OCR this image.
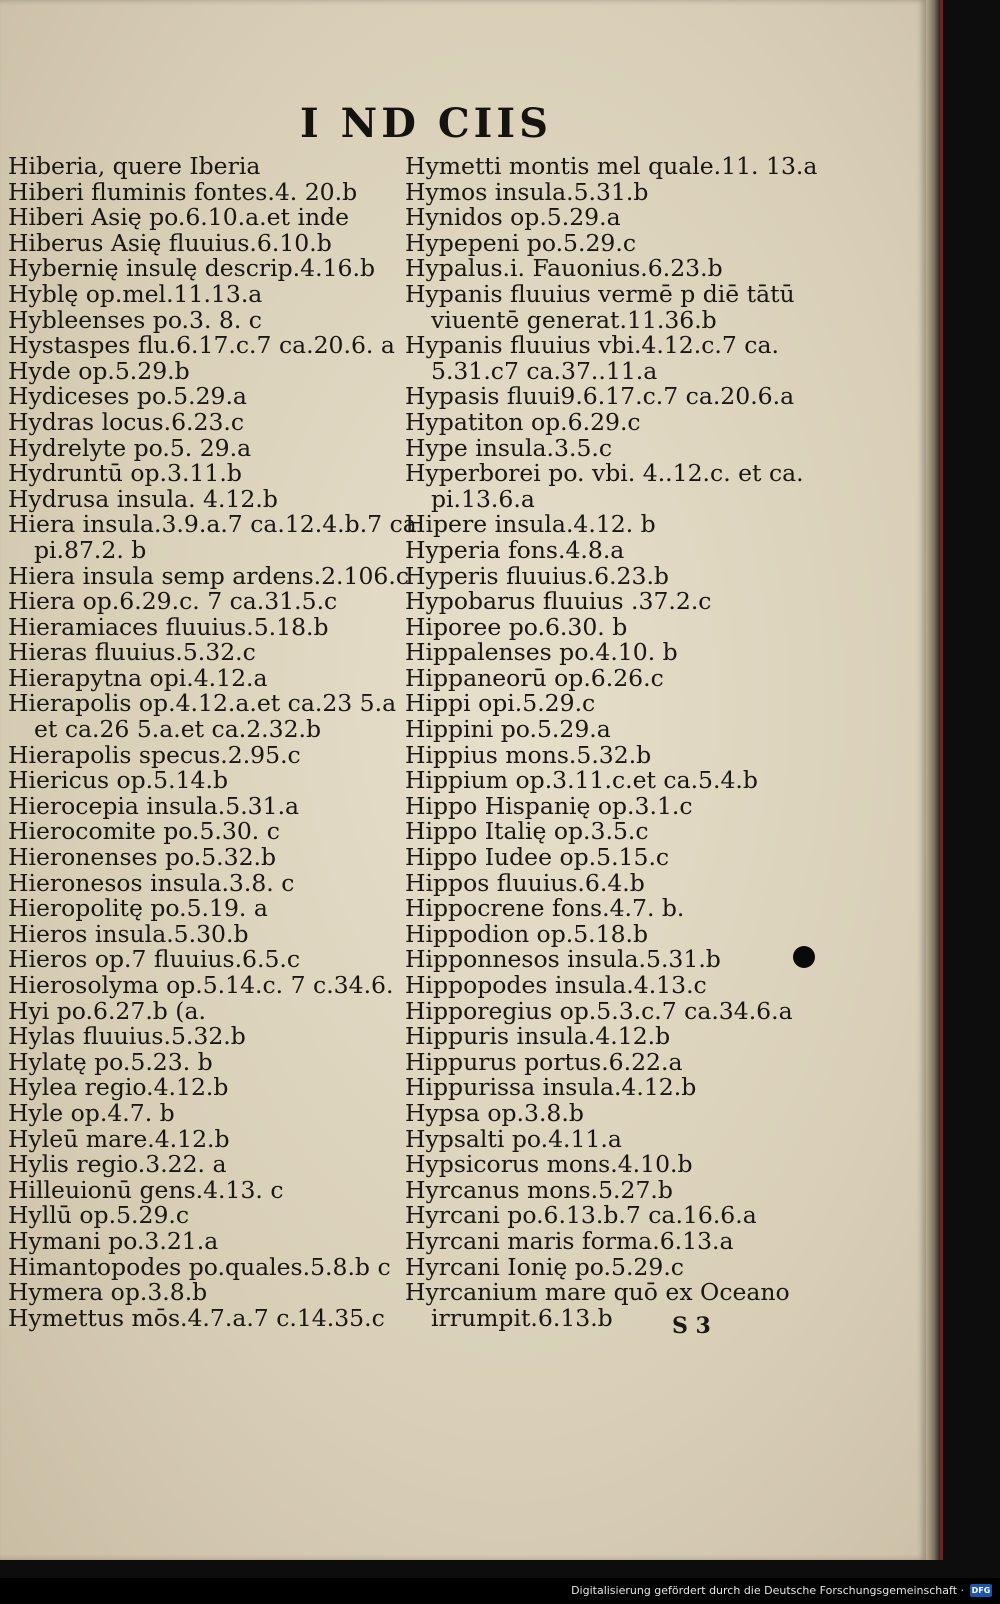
I ND CIIS
Hiberia, quere Iberia
Hiberi fluminis fontes.4. 20.b
Hiberi Asię po.6.10.a.et inde
Hiberus Asię fluuius.6.10.b
Hybernię insulę descrip.4.16.b
Hyblę op.mel.11.13.a
Hybleenses po.3. 8. c
Hystaspes flu.6.17.c.7 ca.20.6. a
Hyde op.5.29.b
Hydiceses po.5.29.a
Hydras locus.6.23.c
Hydrelyte po.5. 29.a
Hydruntū op.3.11.b
Hydrusa insula. 4.12.b
Hiera insula.3.9.a.7 ca.12.4.b.7 ca
pi.87.2. b
Hiera insula semp ardens.2.106.c
Hiera op.6.29.c. 7 ca.31.5.c
Hieramiaces fluuius.5.18.b
Hieras fluuius.5.32.c
Hierapytna opi.4.12.a
Hierapolis op.4.12.a.et ca.23 5.a
et ca.26 5.a.et ca.2.32.b
Hierapolis specus.2.95.c
Hiericus op.5.14.b
Hierocepia insula.5.31.a
Hierocomite po.5.30. c
Hieronenses po.5.32.b
Hieronesos insula.3.8. c
Hieropolitę po.5.19. a
Hieros insula.5.30.b
Hieros op.7 fluuius.6.5.c
Hierosolyma op.5.14.c. 7 c.34.6.
Hyi po.6.27.b (a.
Hylas fluuius.5.32.b
Hylatę po.5.23. b
Hylea regio.4.12.b
Hyle op.4.7. b
Hyleū mare.4.12.b
Hylis regio.3.22. a
Hilleuionū gens.4.13. c
Hyllū op.5.29.c
Hymani po.3.21.a
Himantopodes po.quales.5.8.b c
Hymera op.3.8.b
Hymettus mōs.4.7.a.7 c.14.35.c
Hymetti montis mel quale.11. 13.a
Hymos insula.5.31.b
Hynidos op.5.29.a
Hypepeni po.5.29.c
Hypalus.i. Fauonius.6.23.b
Hypanis fluuius vermē p diē tātū
viuentē generat.11.36.b
Hypanis fluuius vbi.4.12.c.7 ca.
5.31.c7 ca.37..11.a
Hypasis fluui9.6.17.c.7 ca.20.6.a
Hypatiton op.6.29.c
Hype insula.3.5.c
Hyperborei po. vbi. 4..12.c. et ca.
pi.13.6.a
Hipere insula.4.12. b
Hyperia fons.4.8.a
Hyperis fluuius.6.23.b
Hypobarus fluuius .37.2.c
Hiporee po.6.30. b
Hippalenses po.4.10. b
Hippaneorū op.6.26.c
Hippi opi.5.29.c
Hippini po.5.29.a
Hippius mons.5.32.b
Hippium op.3.11.c.et ca.5.4.b
Hippo Hispanię op.3.1.c
Hippo Italię op.3.5.c
Hippo Iudee op.5.15.c
Hippos fluuius.6.4.b
Hippocrene fons.4.7. b.
Hippodion op.5.18.b
Hipponnesos insula.5.31.b
Hippopodes insula.4.13.c
Hipporegius op.5.3.c.7 ca.34.6.a
Hippuris insula.4.12.b
Hippurus portus.6.22.a
Hippurissa insula.4.12.b
Hypsa op.3.8.b
Hypsalti po.4.11.a
Hypsicorus mons.4.10.b
Hyrcanus mons.5.27.b
Hyrcani po.6.13.b.7 ca.16.6.a
Hyrcani maris forma.6.13.a
Hyrcani Ionię po.5.29.c
Hyrcanium mare quō ex Oceano
irrumpit.6.13.b	S 3
Digitalisierung gefördert durch die Deutsche Forschungsgemeinschaft · DFG
